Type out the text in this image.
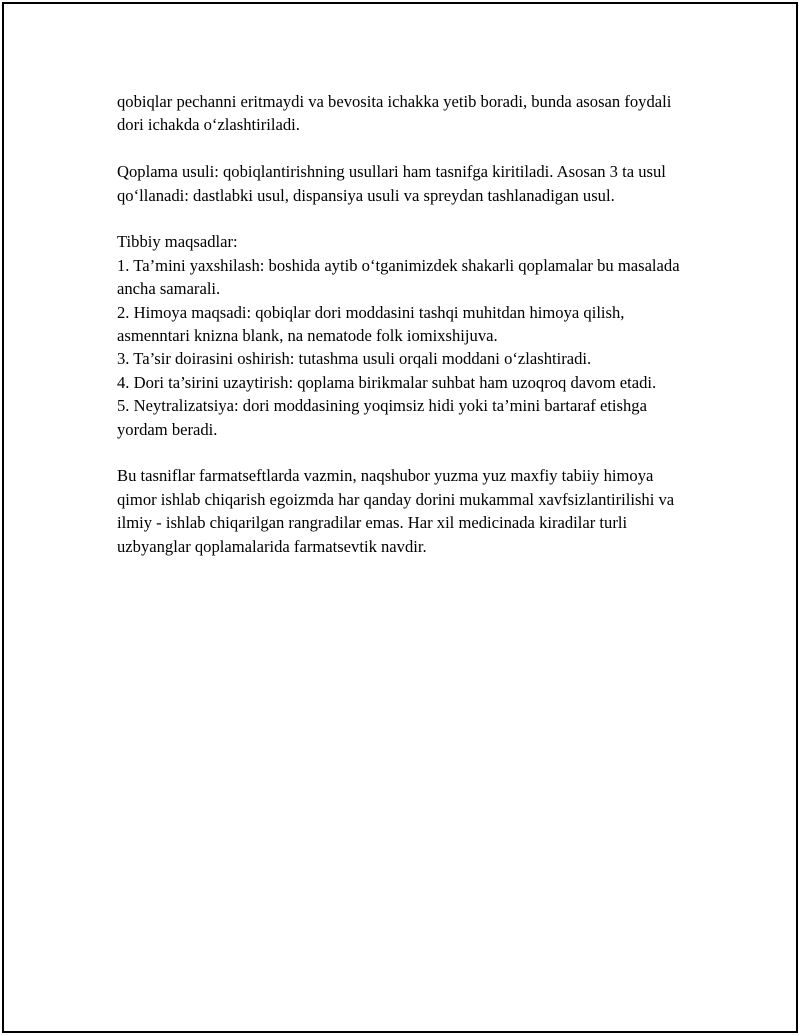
qobiqlar pechanni eritmaydi va bevosita ichakka yetib boradi, bunda asosan foydali dori ichakda o‘zlashtiriladi.

Qoplama usuli: qobiqlantirishning usullari ham tasnifga kiritiladi. Asosan 3 ta usul qo‘llanadi: dastlabki usul, dispansiya usuli va spreydan tashlanadigan usul.

Tibbiy maqsadlar:

1. Ta’mini yaxshilash: boshida aytib o‘tganimizdek shakarli qoplamalar bu masalada ancha samarali.

2. Himoya maqsadi: qobiqlar dori moddasini tashqi muhitdan himoya qilish, asmenntari knizna blank, na nematode folk iomixshijuva.

3. Ta’sir doirasini oshirish: tutashma usuli orqali moddani o‘zlashtiradi.

4. Dori ta’sirini uzaytirish: qoplama birikmalar suhbat ham uzoqroq davom etadi.

5. Neytralizatsiya: dori moddasining yoqimsiz hidi yoki ta’mini bartaraf etishga yordam beradi.

Bu tasniflar farmatseftlarda vazmin, naqshubor yuzma yuz maxfiy tabiiy himoya qimor ishlab chiqarish egoizmda har qanday dorini mukammal xavfsizlantirilishi va ilmiy - ishlab chiqarilgan rangradilar emas. Har xil medicinada kiradilar turli uzbyanglar qoplamalarida farmatsevtik navdir.
